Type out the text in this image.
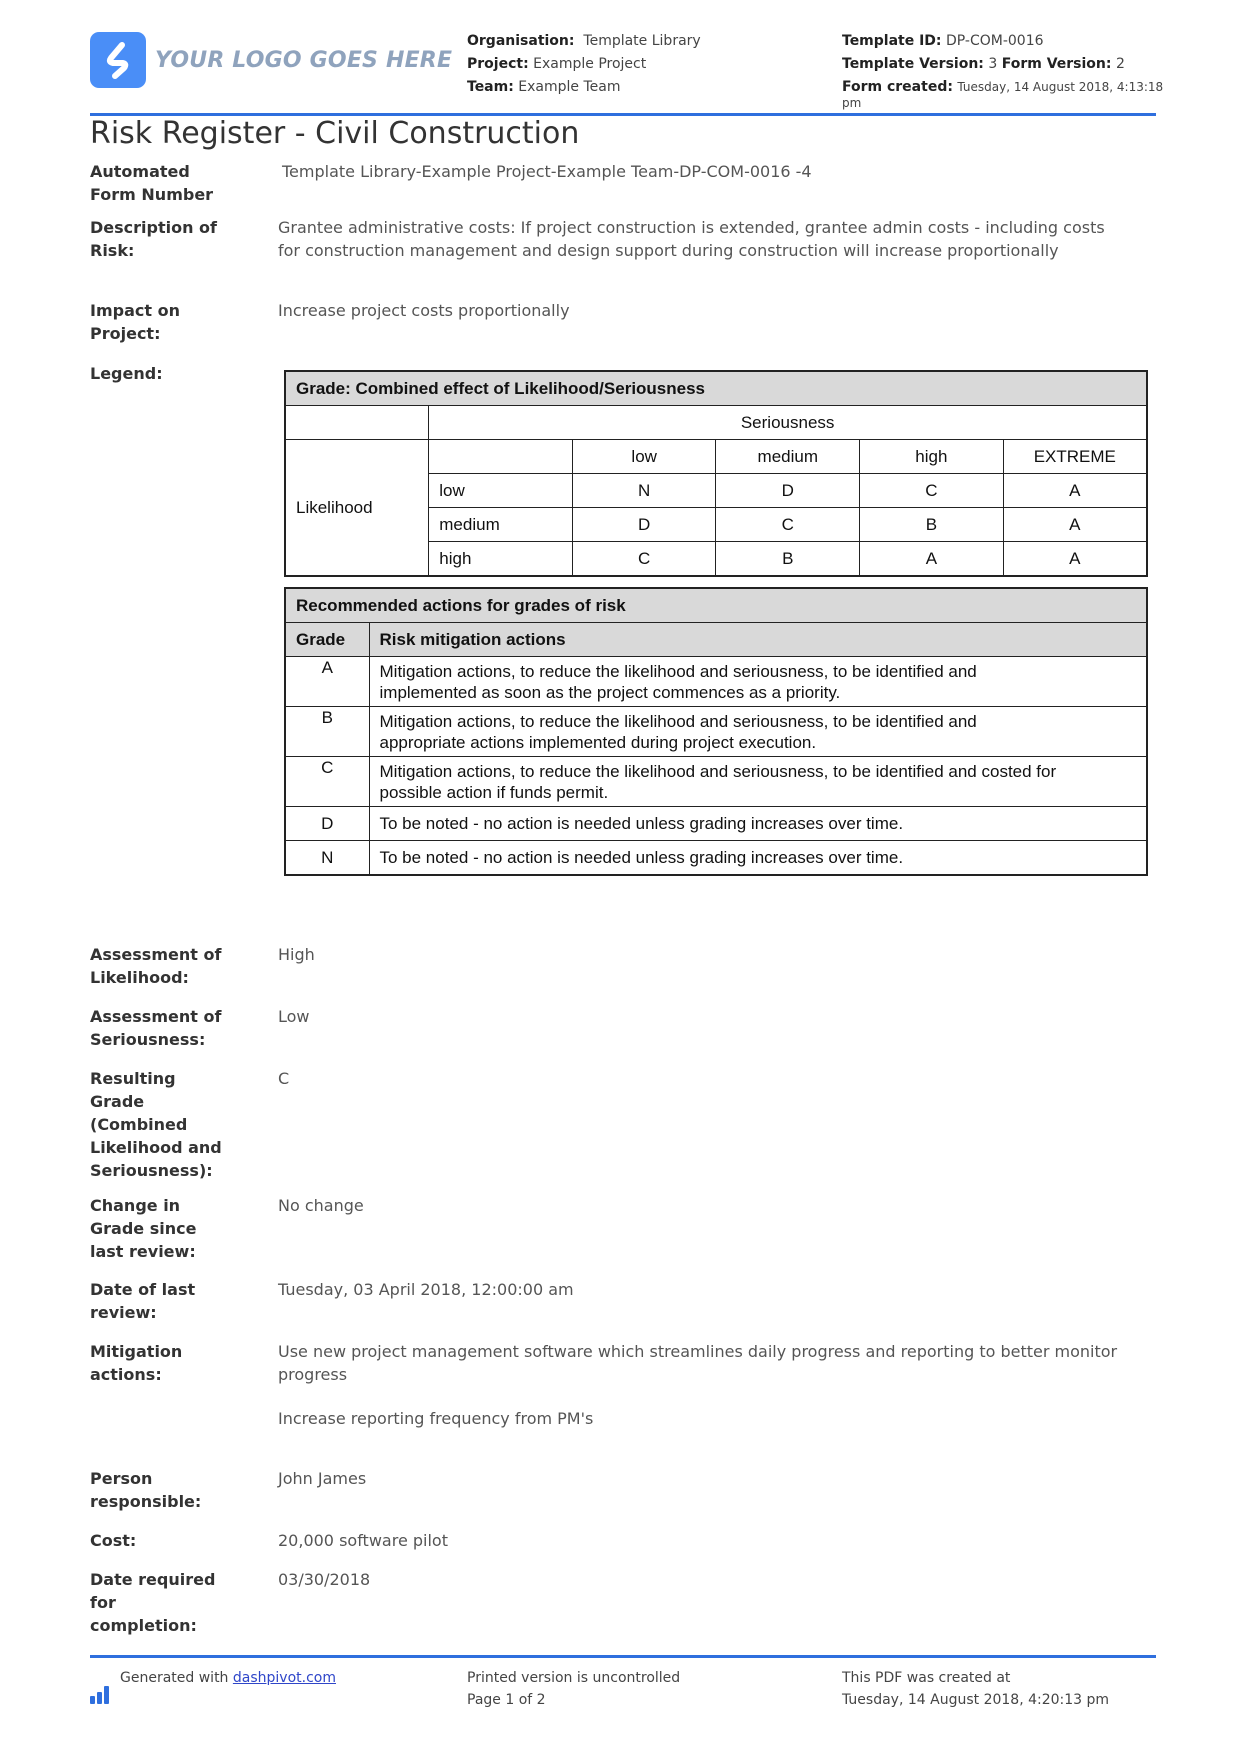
YOUR LOGO GOES HERE
Organisation: Template Library
Project: Example Project
Team: Example Team
Template ID: DP-COM-0016
Template Version: 3 Form Version: 2
Form created: Tuesday, 14 August 2018, 4:13:18
pm
Risk Register - Civil Construction
Automated
Form Number
Template Library-Example Project-Example Team-DP-COM-0016 -4
Description of
Risk:
Grantee administrative costs: If project construction is extended, grantee admin costs - including costs for construction management and design support during construction will increase proportionally
Impact on
Project:
Increase project costs proportionally
Legend:
Grade: Combined effect of Likelihood/Seriousness					
	Seriousness				
Likelihood		low	medium	high	EXTREME
	low	N	D	C	A
	medium	D	C	B	A
	high	C	B	A	A
Recommended actions for grades of risk	
Grade	Risk mitigation actions
A	Mitigation actions, to reduce the likelihood and seriousness, to be identified and
implemented as soon as the project commences as a priority.

B	Mitigation actions, to reduce the likelihood and seriousness, to be identified and
appropriate actions implemented during project execution.

C	Mitigation actions, to reduce the likelihood and seriousness, to be identified and costed for
possible action if funds permit.

D	To be noted - no action is needed unless grading increases over time.
N	To be noted - no action is needed unless grading increases over time.
Assessment of
Likelihood:
High
Assessment of
Seriousness:
Low
Resulting
Grade
(Combined
Likelihood and
Seriousness):
C
Change in
Grade since
last review:
No change
Date of last
review:
Tuesday, 03 April 2018, 12:00:00 am
Mitigation
actions:
Use new project management software which streamlines daily progress and reporting to better monitor progress
Increase reporting frequency from PM's
Person
responsible:
John James
Cost:	20,000 software pilot
Date required
for
completion:
03/30/2018
Generated with dashpivot.com	Printed version is uncontrolled
Page 1 of 2
This PDF was created at
Tuesday, 14 August 2018, 4:20:13 pm
